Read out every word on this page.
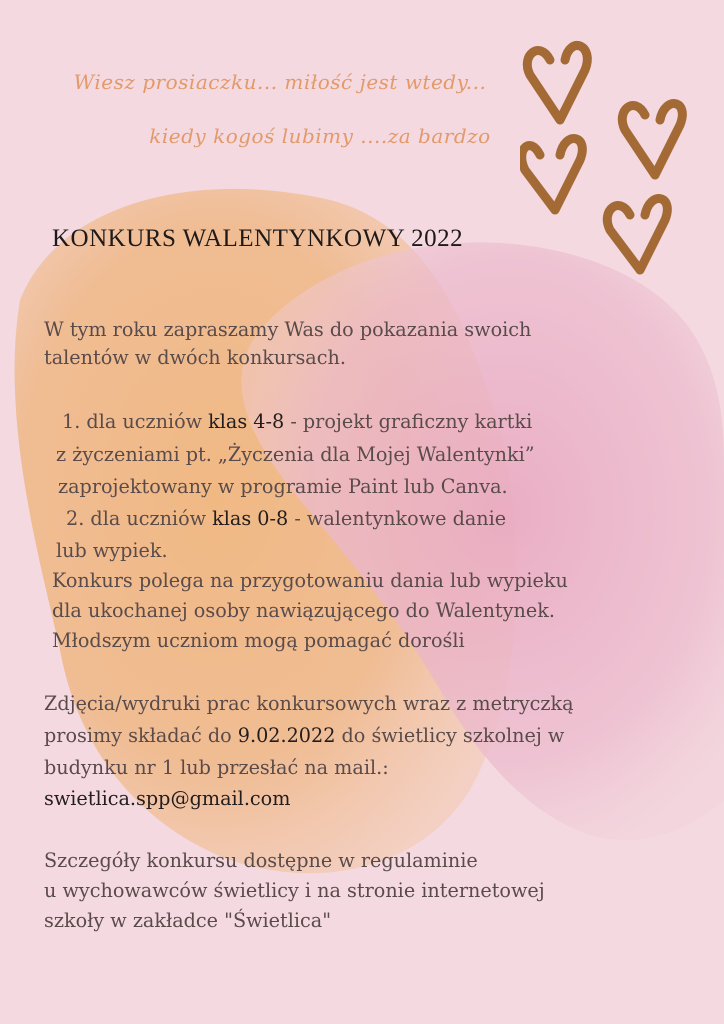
Wiesz prosiaczku... miłość jest wtedy...
kiedy kogoś lubimy ....za bardzo
KONKURS WALENTYNKOWY 2022
W tym roku zapraszamy Was do pokazania swoich
talentów w dwóch konkursach.
1. dla uczniów klas 4-8 - projekt graficzny kartki
z życzeniami pt. „Życzenia dla Mojej Walentynki”
zaprojektowany w programie Paint lub Canva.
2. dla uczniów klas 0-8 - walentynkowe danie
lub wypiek.
Konkurs polega na przygotowaniu dania lub wypieku
dla ukochanej osoby nawiązującego do Walentynek.
Młodszym uczniom mogą pomagać dorośli
Zdjęcia/wydruki prac konkursowych wraz z metryczką
prosimy składać do 9.02.2022 do świetlicy szkolnej w
budynku nr 1 lub przesłać na mail.:
swietlica.spp@gmail.com
Szczegóły konkursu dostępne w regulaminie
u wychowawców świetlicy i na stronie internetowej
szkoły w zakładce "Świetlica"
